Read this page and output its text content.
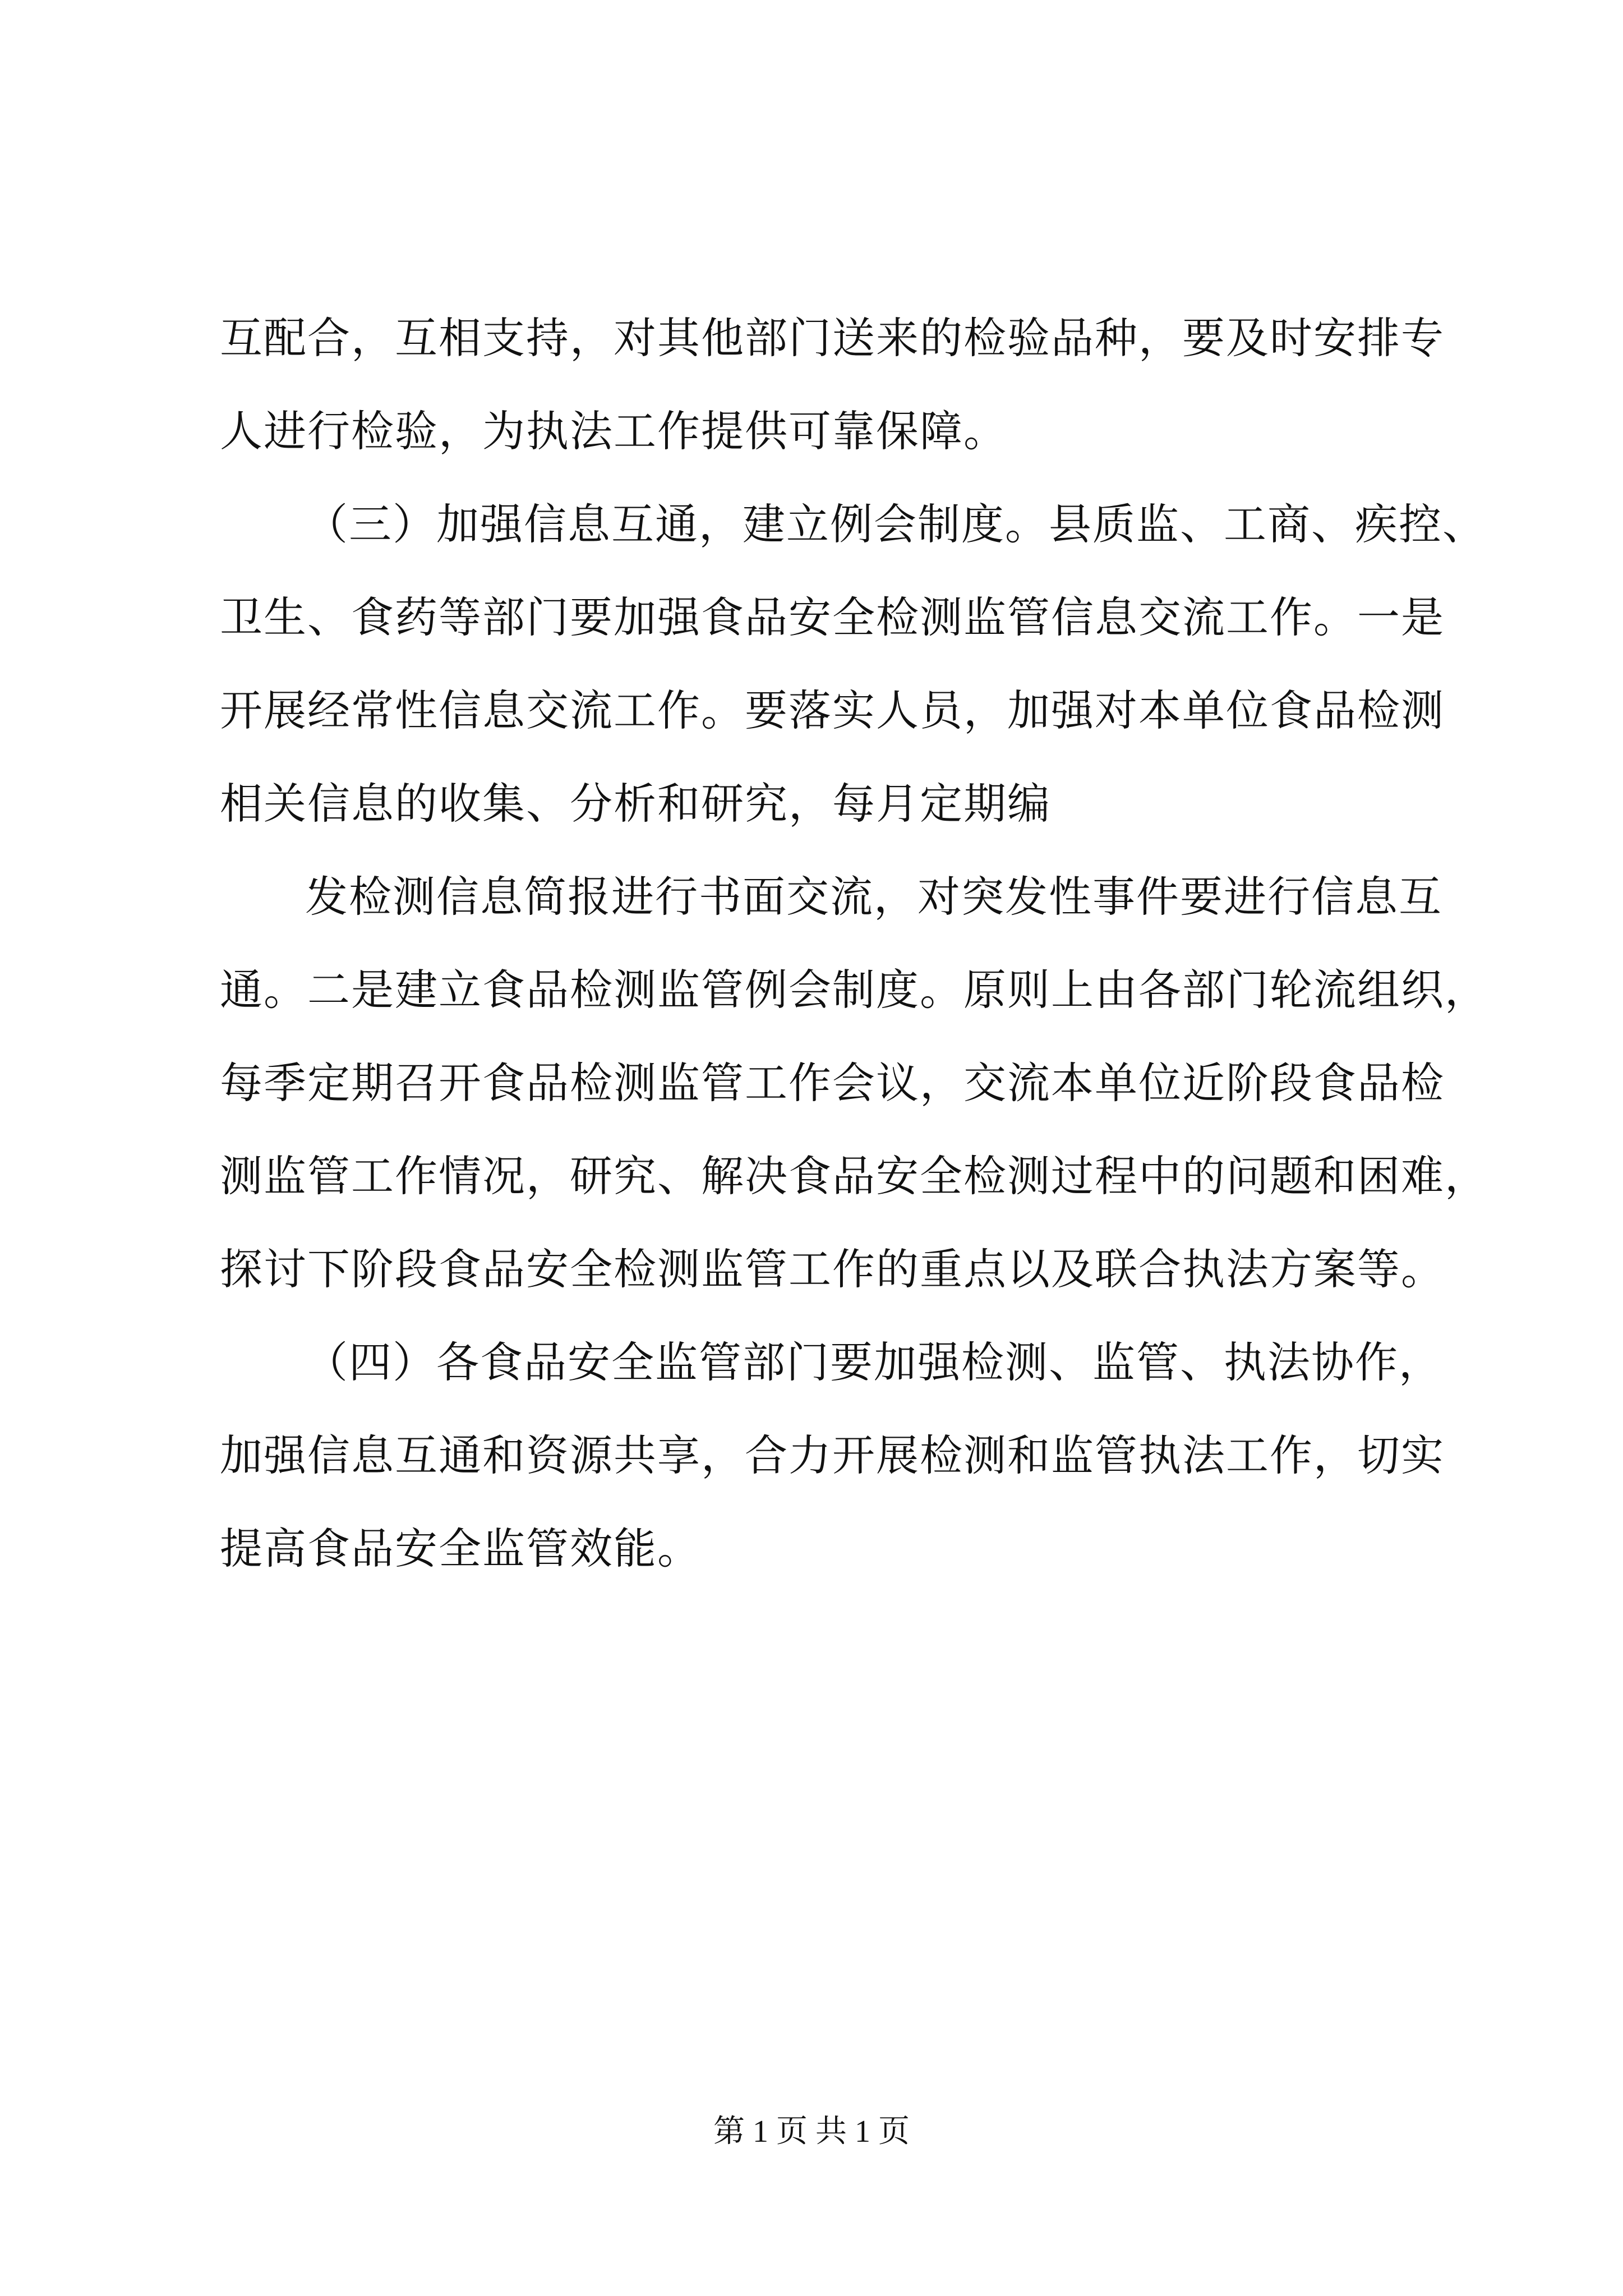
互配合，互相支持，对其他部门送来的检验品种，要及时安排专
人进行检验，为执法工作提供可靠保障。
（三）加强信息互通，建立例会制度。县质监、工商、疾控、
卫生、食药等部门要加强食品安全检测监管信息交流工作。一是
开展经常性信息交流工作。要落实人员，加强对本单位食品检测
相关信息的收集、分析和研究，每月定期编
发检测信息简报进行书面交流，对突发性事件要进行信息互
通。二是建立食品检测监管例会制度。原则上由各部门轮流组织，
每季定期召开食品检测监管工作会议，交流本单位近阶段食品检
测监管工作情况，研究、解决食品安全检测过程中的问题和困难，
探讨下阶段食品安全检测监管工作的重点以及联合执法方案等。
（四）各食品安全监管部门要加强检测、监管、执法协作，
加强信息互通和资源共享，合力开展检测和监管执法工作，切实
提高食品安全监管效能。
第 1 页 共 1 页
